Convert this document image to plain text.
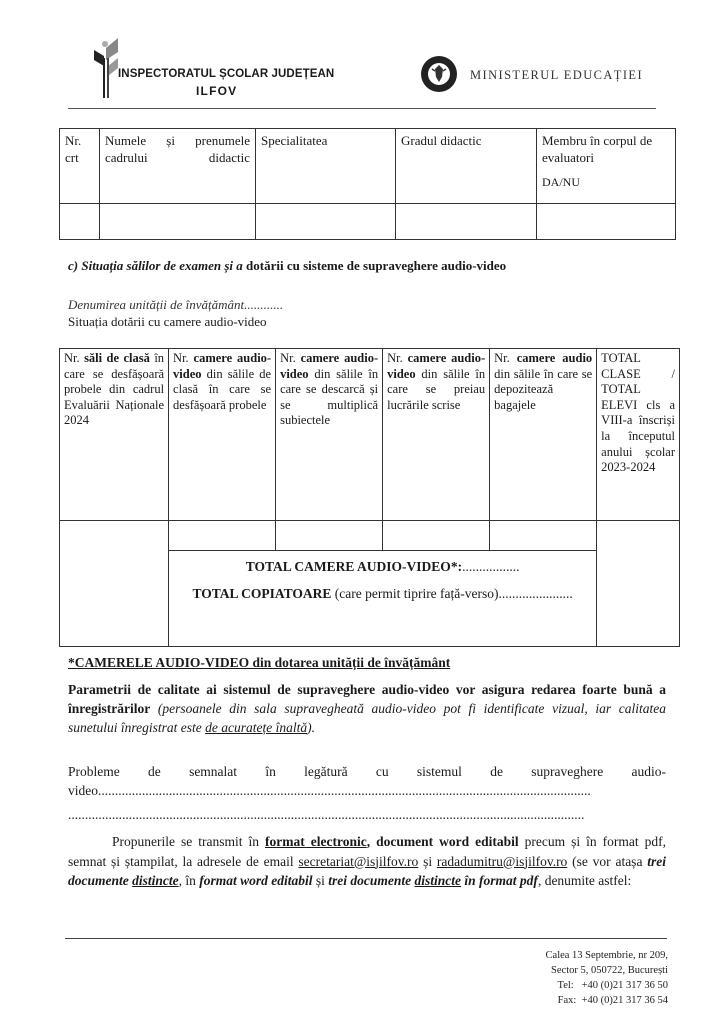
INSPECTORATUL ȘCOLAR JUDEȚEAN
ILFOV
MINISTERUL EDUCAȚIEI
Nr. crt	Numele și prenumele cadrului didactic	Specialitatea	Gradul didactic	Membru în corpul de evaluatori
DA/NU

c) Situația sălilor de examen și a dotării cu sisteme de supraveghere audio-video
Denumirea unității de învățământ............
Situația dotării cu camere audio-video
Nr. săli de clasă în care se desfășoară probele din cadrul Evaluării Naționale 2024	Nr. camere audio-video din sălile de clasă în care se desfășoară probele	Nr. camere audio-video din sălile în care se descarcă și se multiplică subiectele	Nr. camere audio-video din sălile în care se preiau lucrările scrise	Nr. camere audio din sălile în care se depozitează bagajele	TOTAL CLASE / TOTAL ELEVI cls a VIII-a înscriși la începutul anului școlar 2023-2024

	TOTAL CAMERE AUDIO-VIDEO*:.................
TOTAL COPIATOARE (care permit tiprire față-verso)......................				
*CAMERELE AUDIO-VIDEO din dotarea unității de învățământ
Parametrii de calitate ai sistemul de supraveghere audio-video vor asigura redarea foarte bună a înregistrărilor (persoanele din sala supravegheată audio-video pot fi identificate vizual, iar calitatea sunetului înregistrat este de acuratețe înaltă).
Probleme de semnalat în legătură cu sistemul de supraveghere audio-
video..................................................................................................................................................
.........................................................................................................................................................
Propunerile se transmit în format electronic, document word editabil precum și în format pdf, semnat și ștampilat, la adresele de email secretariat@isjilfov.ro și radadumitru@isjilfov.ro (se vor atașa trei documente distincte, în format word editabil și trei documente distincte în format pdf, denumite astfel:
Calea 13 Septembrie, nr 209,
Sector 5, 050722, București
Tel:   +40 (0)21 317 36 50
Fax:  +40 (0)21 317 36 54
